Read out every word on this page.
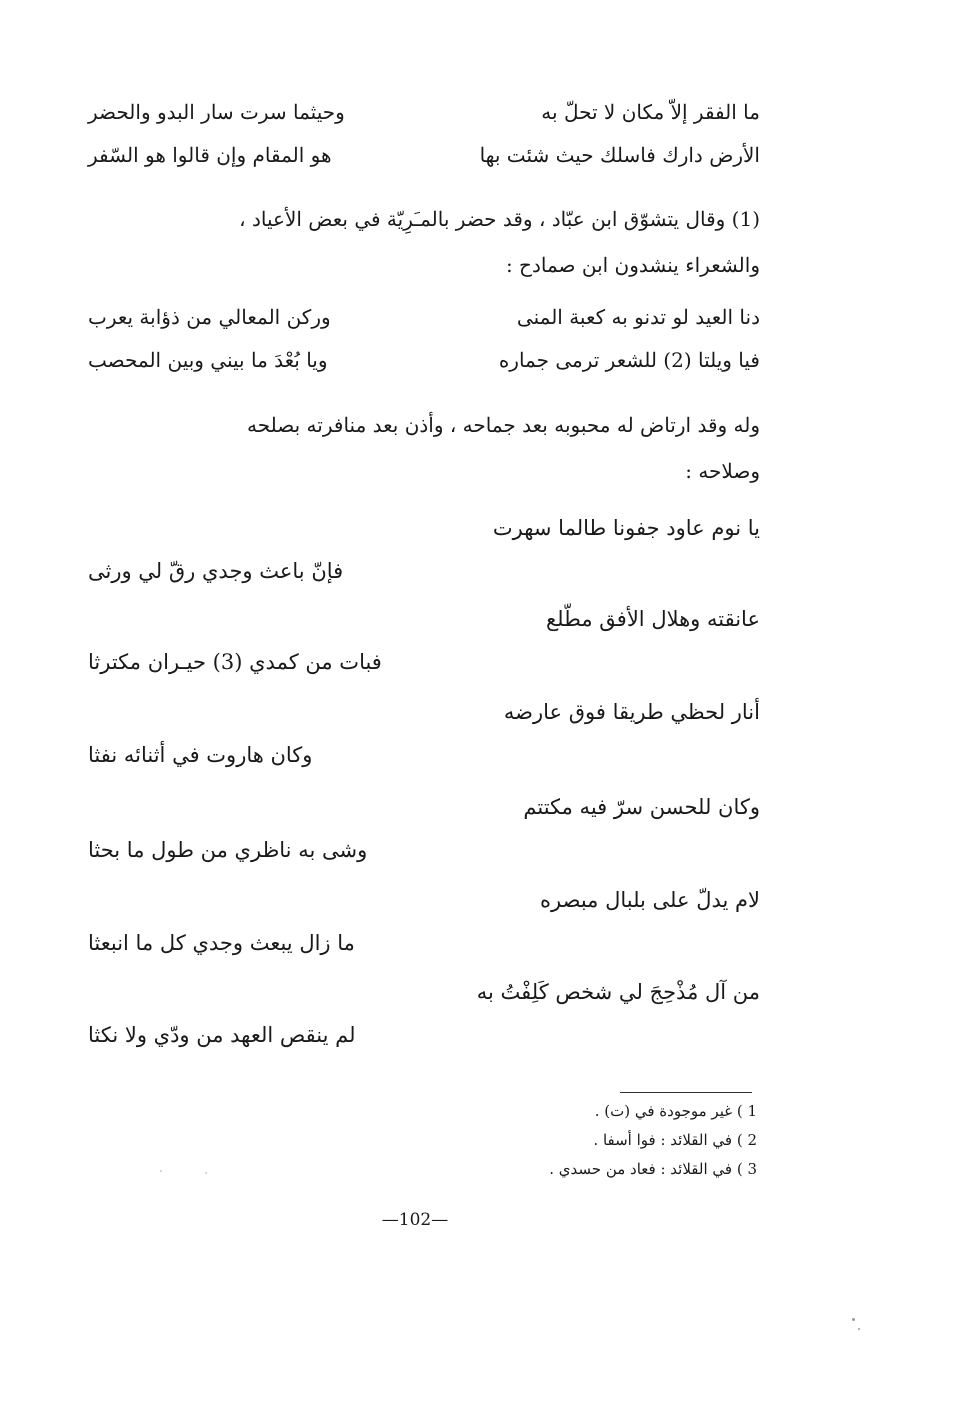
ما الفقر إلاّ مكان لا تحلّ به
وحيثما سرت سار البدو والحضر
الأرض دارك فاسلك حيث شئت بها
هو المقام وإن قالوا هو السّفر
(1) وقال يتشوّق ابن عبّاد ، وقد حضر بالمـَرِيّة في بعض الأعياد ،
والشعراء ينشدون ابن صمادح :
دنا العيد لو تدنو به كعبة المنى
وركن المعالي من ذؤابة يعرب
فيا ويلتا (2) للشعر ترمى جماره
ويا بُعْدَ ما بيني وبين المحصب
وله وقد ارتاض له محبوبه بعد جماحه ، وأذن بعد منافرته بصلحه
وصلاحه :
يا نوم عاود جفونا طالما سهرت
فإنّ باعث وجدي رقّ لي ورثى
عانقته وهلال الأفق مطّلع
فبات من كمدي (3) حيـران مكترثا
أنار لحظي طريقا فوق عارضه
وكان هاروت في أثنائه نفثا
وكان للحسن سرّ فيه مكتتم
وشى به ناظري من طول ما بحثا
لام يدلّ على بلبال مبصره
ما زال يبعث وجدي كل ما انبعثا
من آل مُذْحِجَ لي شخص كَلِفْتُ به
لم ينقص العهد من ودّي ولا نكثا
1 ) غير موجودة في (ت) .
2 ) في القلائد : فوا أسفا .
3 ) في القلائد : فعاد من حسدي .
—102—
